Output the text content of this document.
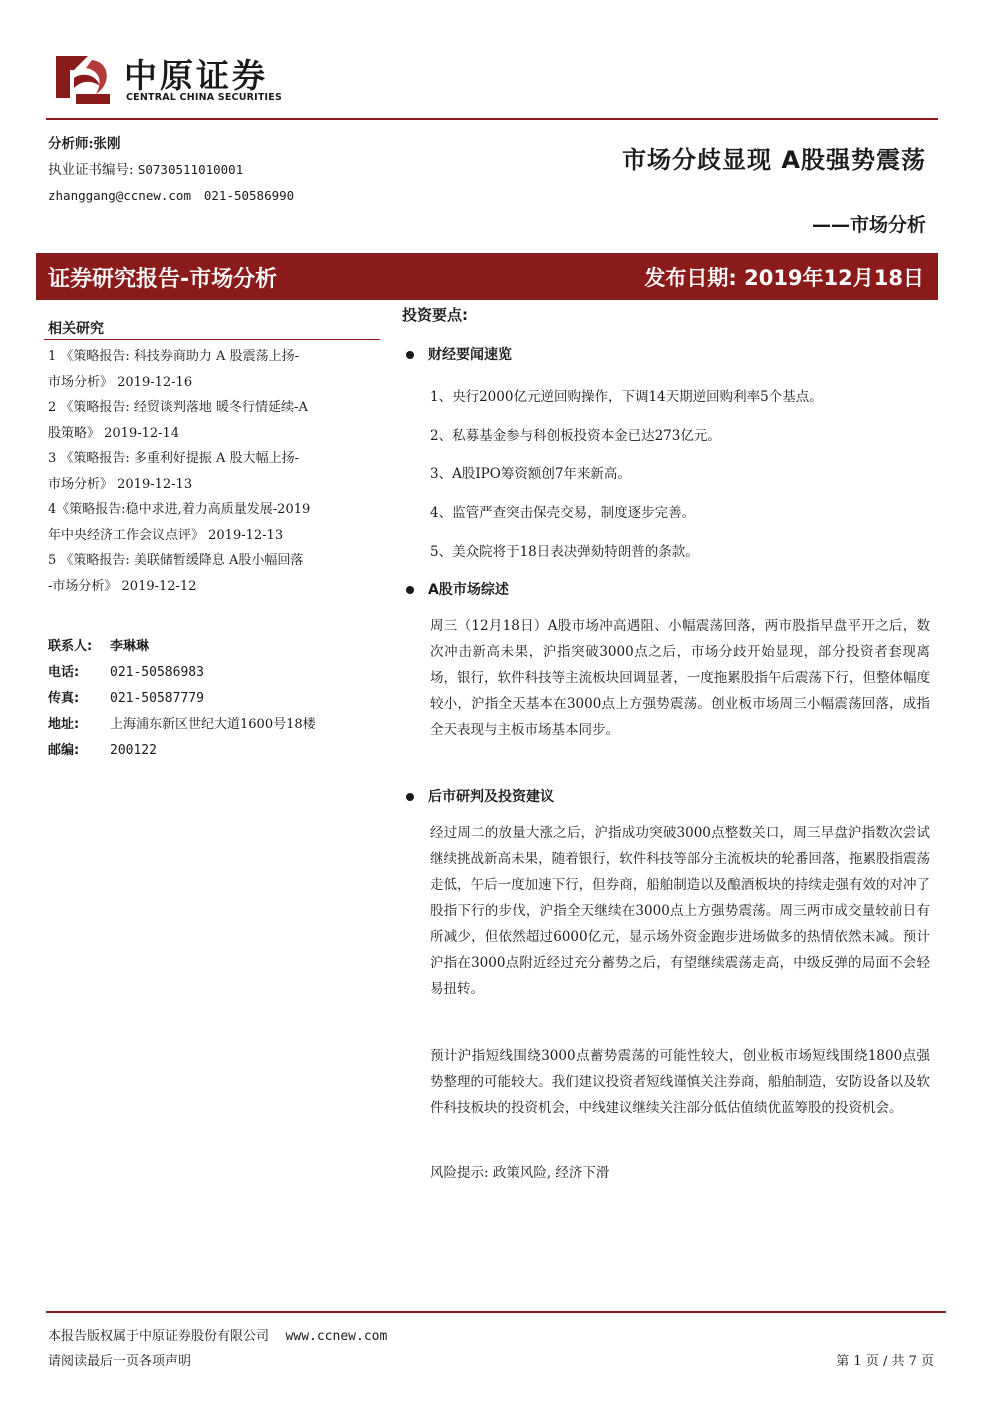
中原证券
CENTRAL CHINA SECURITIES
分析师:张刚
执业证书编号: S0730511010001
zhanggang@ccnew.com 021-50586990
市场分歧显现 A股强势震荡
——市场分析
证券研究报告-市场分析	发布日期: 2019年12月18日
相关研究
1 《策略报告: 科技券商助力 A 股震荡上扬-
市场分析》 2019-12-16
2 《策略报告: 经贸谈判落地 暖冬行情延续-A
股策略》 2019-12-14
3 《策略报告: 多重利好提振 A 股大幅上扬-
市场分析》 2019-12-13
4《策略报告:稳中求进,着力高质量发展-2019
年中央经济工作会议点评》 2019-12-13
5 《策略报告: 美联储暂缓降息 A股小幅回落
-市场分析》 2019-12-12
联系人: 李琳琳
电话: 021-50586983
传真: 021-50587779
地址: 上海浦东新区世纪大道1600号18楼
邮编: 200122
投资要点:
财经要闻速览
1、央行2000亿元逆回购操作，下调14天期逆回购利率5个基点。
2、私募基金参与科创板投资本金已达273亿元。
3、A股IPO筹资额创7年来新高。
4、监管严查突击保壳交易，制度逐步完善。
5、美众院将于18日表决弹劾特朗普的条款。
A股市场综述
周三（12月18日）A股市场冲高遇阻、小幅震荡回落，两市股指早盘平开之后，数次冲击新高未果，沪指突破3000点之后，市场分歧开始显现，部分投资者套现离场，银行，软件科技等主流板块回调显著，一度拖累股指午后震荡下行，但整体幅度较小，沪指全天基本在3000点上方强势震荡。创业板市场周三小幅震荡回落，成指全天表现与主板市场基本同步。
后市研判及投资建议
经过周二的放量大涨之后，沪指成功突破3000点整数关口，周三早盘沪指数次尝试继续挑战新高未果，随着银行，软件科技等部分主流板块的轮番回落，拖累股指震荡走低，午后一度加速下行，但券商，船舶制造以及酿酒板块的持续走强有效的对冲了股指下行的步伐，沪指全天继续在3000点上方强势震荡。周三两市成交量较前日有所减少，但依然超过6000亿元，显示场外资金跑步进场做多的热情依然未减。预计沪指在3000点附近经过充分蓄势之后，有望继续震荡走高，中级反弹的局面不会轻易扭转。
预计沪指短线围绕3000点蓄势震荡的可能性较大，创业板市场短线围绕1800点强势整理的可能较大。我们建议投资者短线谨慎关注券商，船舶制造，安防设备以及软件科技板块的投资机会，中线建议继续关注部分低估值绩优蓝筹股的投资机会。
风险提示: 政策风险, 经济下滑
本报告版权属于中原证券股份有限公司 www.ccnew.com
请阅读最后一页各项声明	第 1 页 / 共 7 页
